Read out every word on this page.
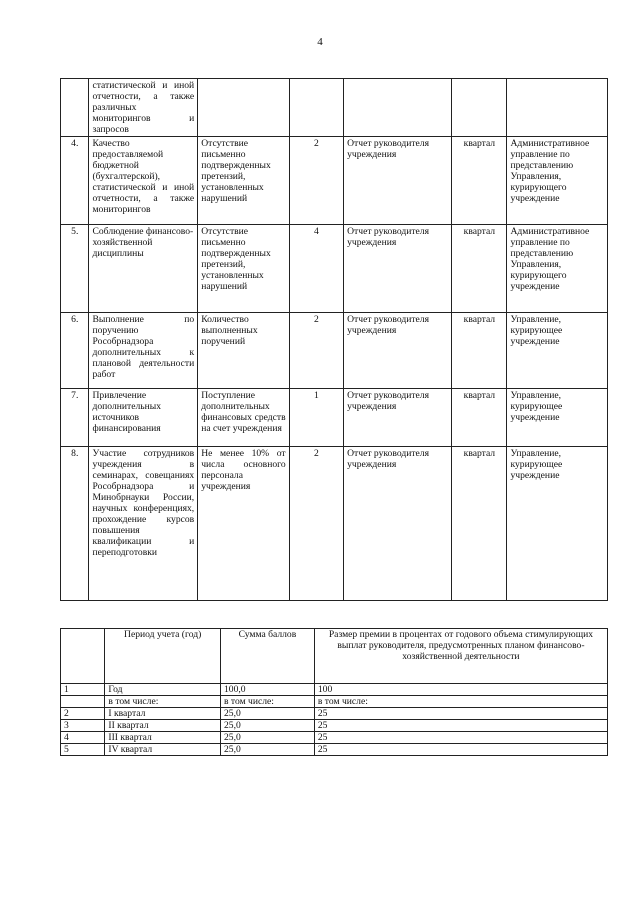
4
	статистической и иной отчетности, а также различных мониторингов и запросов					
4.	Качество предоставляемой бюджетной (бухгалтерской), статистической и иной отчетности, а также мониторингов	Отсутствие письменно подтвержденных претензий, установленных нарушений	2	Отчет руководителя учреждения	квартал	Административное управление по представлению Управления, курирующего учреждение
5.	Соблюдение финансово-хозяйственной дисциплины	Отсутствие письменно подтвержденных претензий, установленных нарушений	4	Отчет руководителя учреждения	квартал	Административное управление по представлению Управления, курирующего учреждение
6.	Выполнение по поручению Рособрнадзора дополнительных к плановой деятельности работ	Количество выполненных поручений	2	Отчет руководителя учреждения	квартал	Управление, курирующее учреждение
7.	Привлечение дополнительных источников финансирования	Поступление дополнительных финансовых средств на счет учреждения	1	Отчет руководителя учреждения	квартал	Управление, курирующее учреждение
8.	Участие сотрудников учреждения в семинарах, совещаниях Рособрнадзора и Минобрнауки России, научных конференциях, прохождение курсов повышения квалификации и переподготовки	Не менее 10% от числа основного персонала учреждения	2	Отчет руководителя учреждения	квартал	Управление, курирующее учреждение
	Период учета (год)	Сумма баллов	Размер премии в процентах от годового объема стимулирующих выплат руководителя, предусмотренных планом финансово-хозяйственной деятельности
1	Год	100,0	100
	в том числе:	в том числе:	в том числе:
2	I квартал	25,0	25
3	II квартал	25,0	25
4	III квартал	25,0	25
5	IV квартал	25,0	25
